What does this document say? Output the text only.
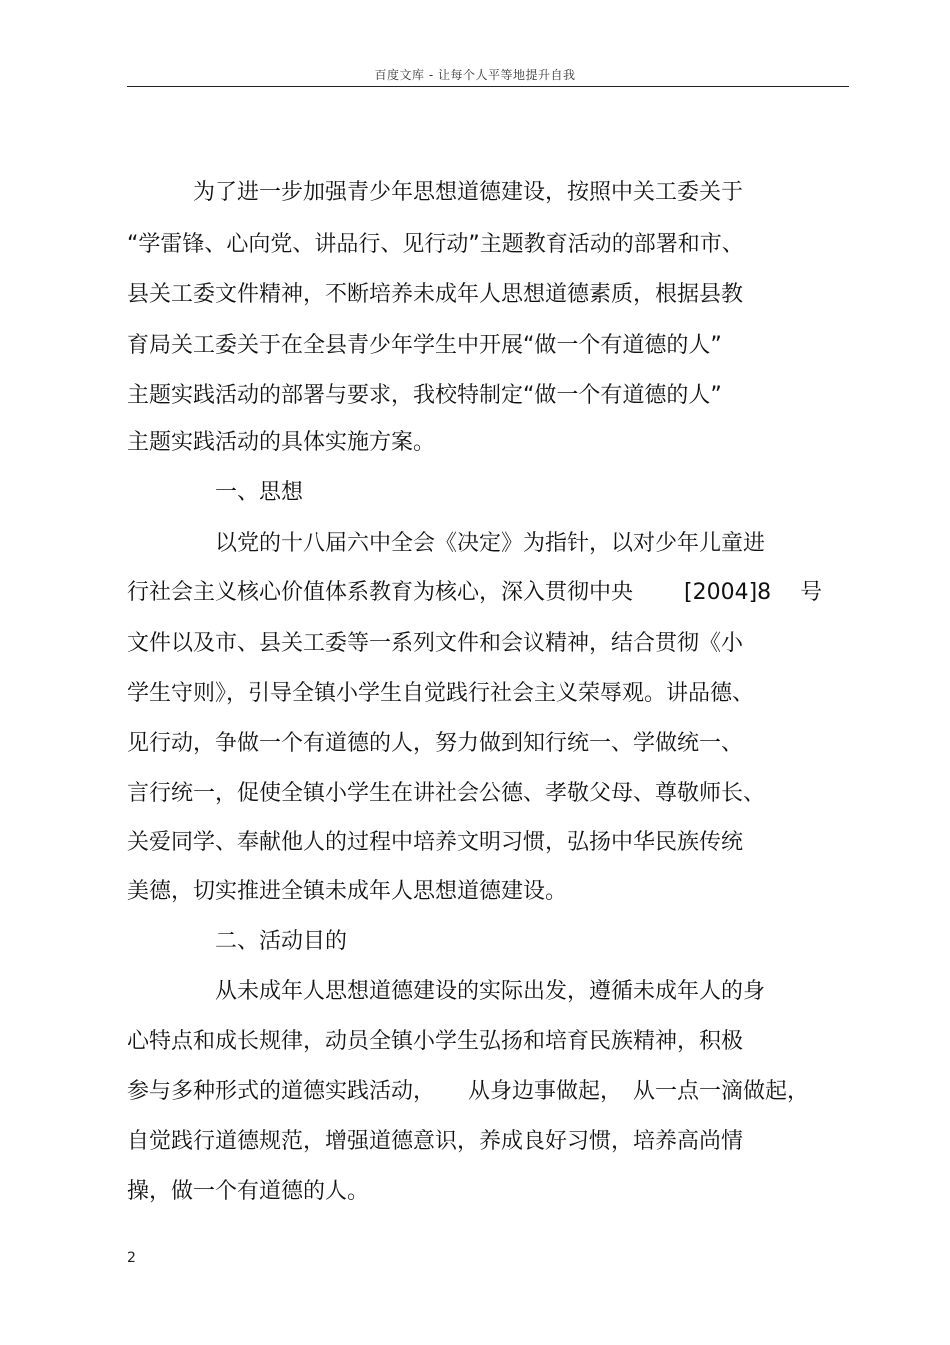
百度文库 - 让每个人平等地提升自我
　　　为了进一步加强青少年思想道德建设，按照中关工委关于
“学雷锋、心向党、讲品行、见行动”主题教育活动的部署和市、
县关工委文件精神，不断培养未成年人思想道德素质，根据县教
育局关工委关于在全县青少年学生中开展“做一个有道德的人”
主题实践活动的部署与要求，我校特制定“做一个有道德的人”
主题实践活动的具体实施方案。
　　　　一、思想
　　　　以党的十八届六中全会《决定》为指针，以对少年儿童进
行社会主义核心价值体系教育为核心，深入贯彻中央　　 [2004]8　 号
文件以及市、县关工委等一系列文件和会议精神，结合贯彻《小
学生守则》，引导全镇小学生自觉践行社会主义荣辱观。讲品德、
见行动，争做一个有道德的人，努力做到知行统一、学做统一、
言行统一，促使全镇小学生在讲社会公德、孝敬父母、尊敬师长、
关爱同学、奉献他人的过程中培养文明习惯，弘扬中华民族传统
美德，切实推进全镇未成年人思想道德建设。
　　　　二、活动目的
　　　　从未成年人思想道德建设的实际出发，遵循未成年人的身
心特点和成长规律，动员全镇小学生弘扬和培育民族精神，积极
参与多种形式的道德实践活动，　　从身边事做起，　从一点一滴做起，
自觉践行道德规范，增强道德意识，养成良好习惯，培养高尚情
操，做一个有道德的人。
2
